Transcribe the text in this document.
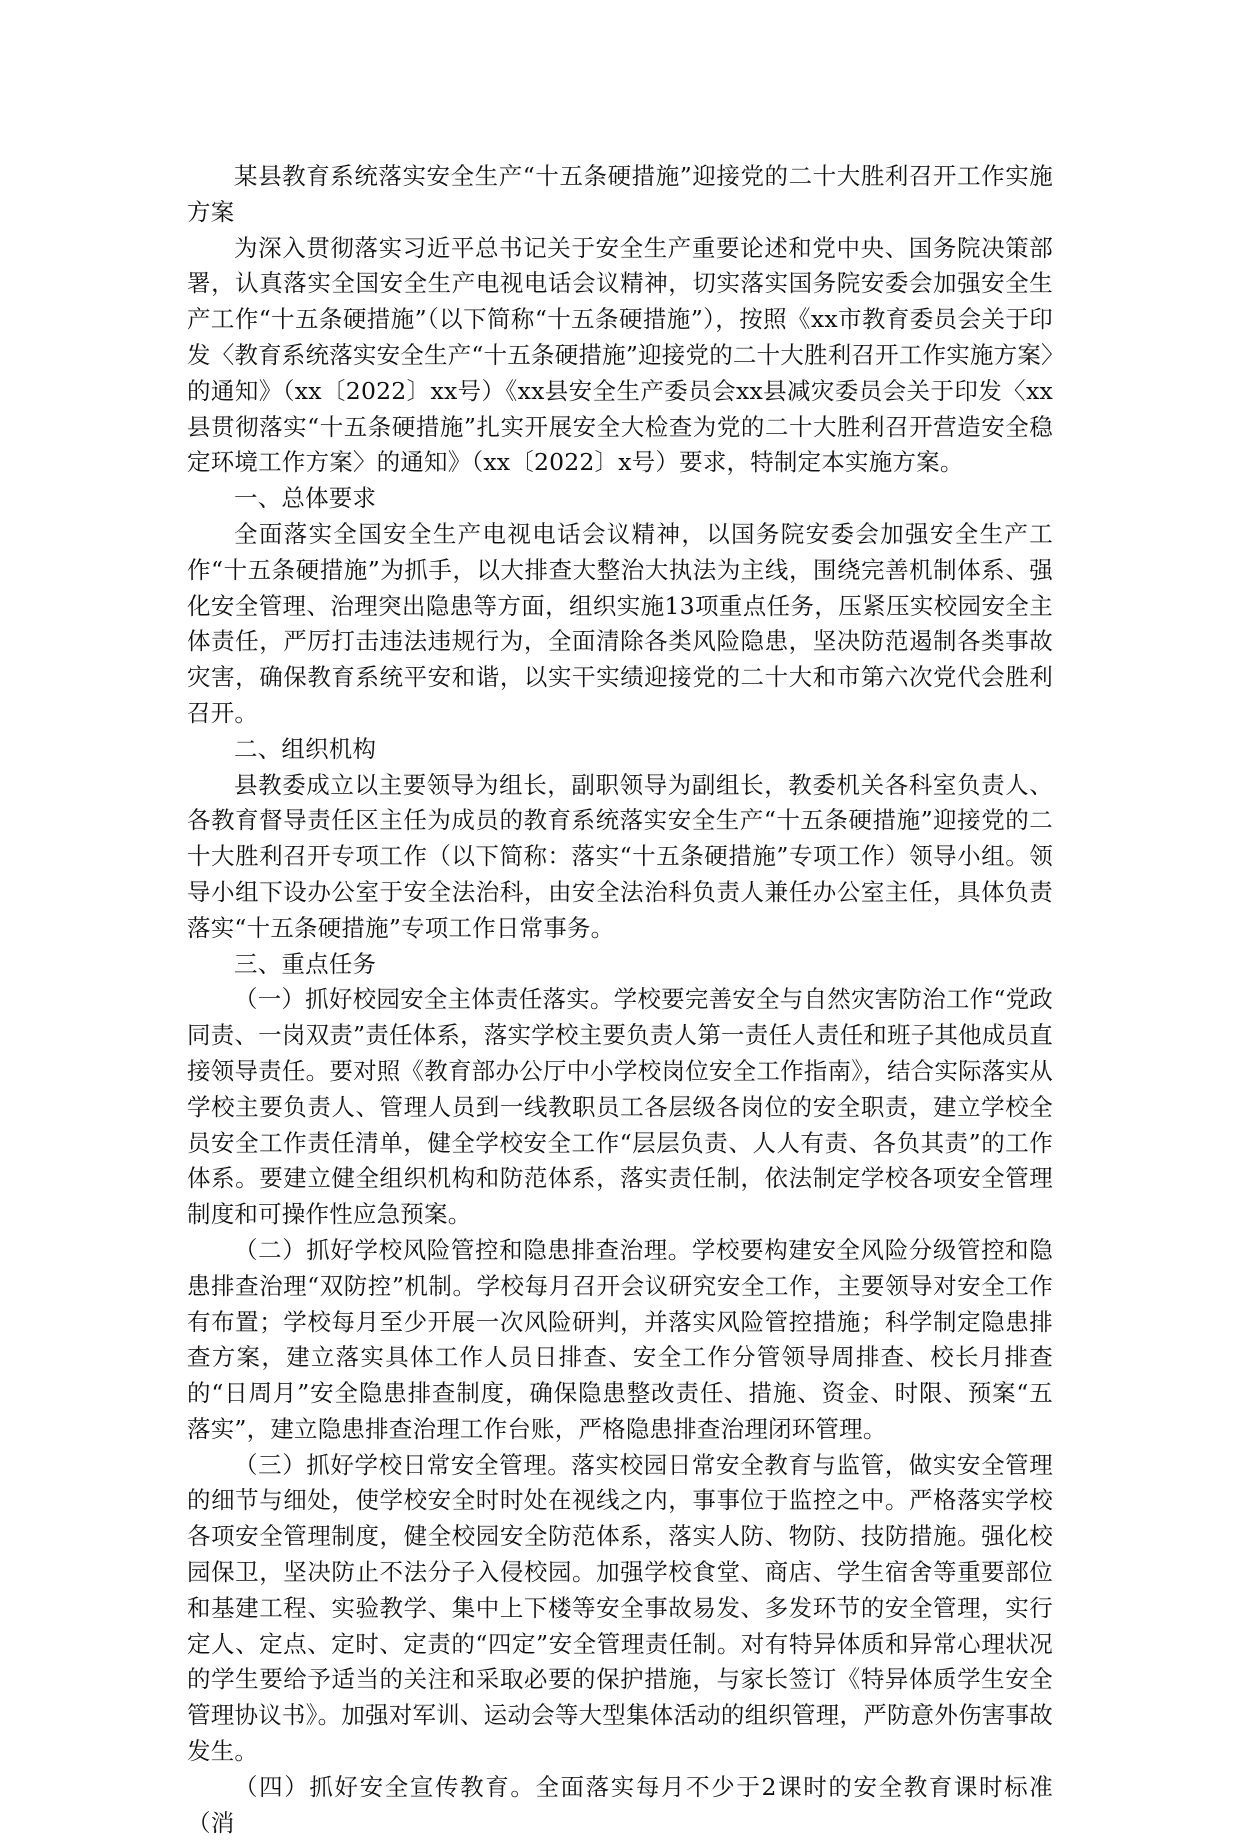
某县教育系统落实安全生产“十五条硬措施”迎接党的二十大胜利召开工作实施方案

为深入贯彻落实习近平总书记关于安全生产重要论述和党中央、国务院决策部署，认真落实全国安全生产电视电话会议精神，切实落实国务院安委会加强安全生产工作“十五条硬措施”（以下简称“十五条硬措施”），按照《xx市教育委员会关于印发〈教育系统落实安全生产“十五条硬措施”迎接党的二十大胜利召开工作实施方案〉的通知》（xx〔2022〕xx号）《xx县安全生产委员会xx县减灾委员会关于印发〈xx县贯彻落实“十五条硬措施”扎实开展安全大检查为党的二十大胜利召开营造安全稳定环境工作方案〉的通知》（xx〔2022〕x号）要求，特制定本实施方案。

一、总体要求

全面落实全国安全生产电视电话会议精神，以国务院安委会加强安全生产工作“十五条硬措施”为抓手，以大排查大整治大执法为主线，围绕完善机制体系、强化安全管理、治理突出隐患等方面，组织实施13项重点任务，压紧压实校园安全主体责任，严厉打击违法违规行为，全面清除各类风险隐患，坚决防范遏制各类事故灾害，确保教育系统平安和谐，以实干实绩迎接党的二十大和市第六次党代会胜利召开。

二、组织机构

县教委成立以主要领导为组长，副职领导为副组长，教委机关各科室负责人、各教育督导责任区主任为成员的教育系统落实安全生产“十五条硬措施”迎接党的二十大胜利召开专项工作（以下简称：落实“十五条硬措施”专项工作）领导小组。领导小组下设办公室于安全法治科，由安全法治科负责人兼任办公室主任，具体负责落实“十五条硬措施”专项工作日常事务。

三、重点任务

（一）抓好校园安全主体责任落实。学校要完善安全与自然灾害防治工作“党政同责、一岗双责”责任体系，落实学校主要负责人第一责任人责任和班子其他成员直接领导责任。要对照《教育部办公厅中小学校岗位安全工作指南》，结合实际落实从学校主要负责人、管理人员到一线教职员工各层级各岗位的安全职责，建立学校全员安全工作责任清单，健全学校安全工作“层层负责、人人有责、各负其责”的工作体系。要建立健全组织机构和防范体系，落实责任制，依法制定学校各项安全管理制度和可操作性应急预案。

（二）抓好学校风险管控和隐患排查治理。学校要构建安全风险分级管控和隐患排查治理“双防控”机制。学校每月召开会议研究安全工作，主要领导对安全工作有布置；学校每月至少开展一次风险研判，并落实风险管控措施；科学制定隐患排查方案，建立落实具体工作人员日排查、安全工作分管领导周排查、校长月排查的“日周月”安全隐患排查制度，确保隐患整改责任、措施、资金、时限、预案“五落实”，建立隐患排查治理工作台账，严格隐患排查治理闭环管理。

（三）抓好学校日常安全管理。落实校园日常安全教育与监管，做实安全管理的细节与细处，使学校安全时时处在视线之内，事事位于监控之中。严格落实学校各项安全管理制度，健全校园安全防范体系，落实人防、物防、技防措施。强化校园保卫，坚决防止不法分子入侵校园。加强学校食堂、商店、学生宿舍等重要部位和基建工程、实验教学、集中上下楼等安全事故易发、多发环节的安全管理，实行定人、定点、定时、定责的“四定”安全管理责任制。对有特异体质和异常心理状况的学生要给予适当的关注和采取必要的保护措施，与家长签订《特异体质学生安全管理协议书》。加强对军训、运动会等大型集体活动的组织管理，严防意外伤害事故发生。

（四）抓好安全宣传教育。全面落实每月不少于2课时的安全教育课时标准（消
